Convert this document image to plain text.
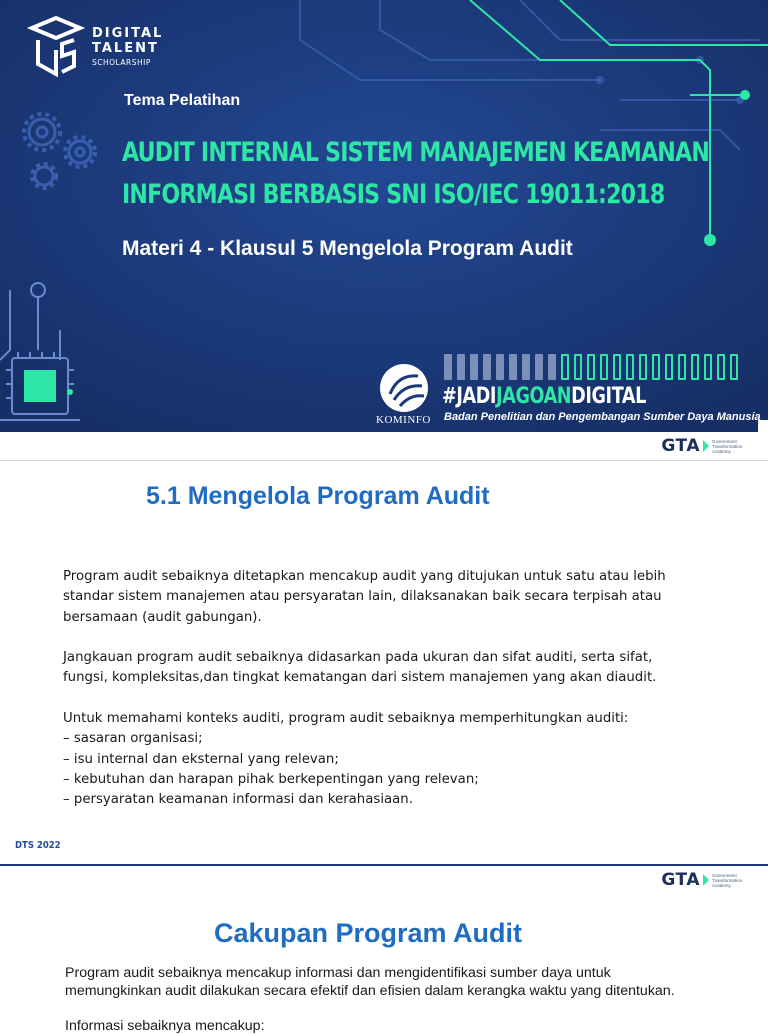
DIGITAL
TALENT
SCHOLARSHIP
Tema Pelatihan
AUDIT INTERNAL SISTEM MANAJEMEN KEAMANAN
INFORMASI BERBASIS SNI ISO/IEC 19011:2018
Materi 4 - Klausul 5 Mengelola Program Audit
KOMINFO
#JADIJAGOANDIGITAL
Badan Penelitian dan Pengembangan Sumber Daya Manusia
GTA	Government Transformation Academy
5.1 Mengelola Program Audit

Program audit sebaiknya ditetapkan mencakup audit yang ditujukan untuk satu atau lebih
standar sistem manajemen atau persyaratan lain, dilaksanakan baik secara terpisah atau
bersamaan (audit gabungan).

Jangkauan program audit sebaiknya didasarkan pada ukuran dan sifat auditi, serta sifat,
fungsi, kompleksitas,dan tingkat kematangan dari sistem manajemen yang akan diaudit.

Untuk memahami konteks auditi, program audit sebaiknya memperhitungkan auditi:
– sasaran organisasi;
– isu internal dan eksternal yang relevan;
– kebutuhan dan harapan pihak berkepentingan yang relevan;
– persyaratan keamanan informasi dan kerahasiaan.

DTS 2022
GTA	Government Transformation Academy
Cakupan Program Audit
Program audit sebaiknya mencakup informasi dan mengidentifikasi sumber daya untuk
memungkinkan audit dilakukan secara efektif dan efisien dalam kerangka waktu yang ditentukan.
Informasi sebaiknya mencakup:
